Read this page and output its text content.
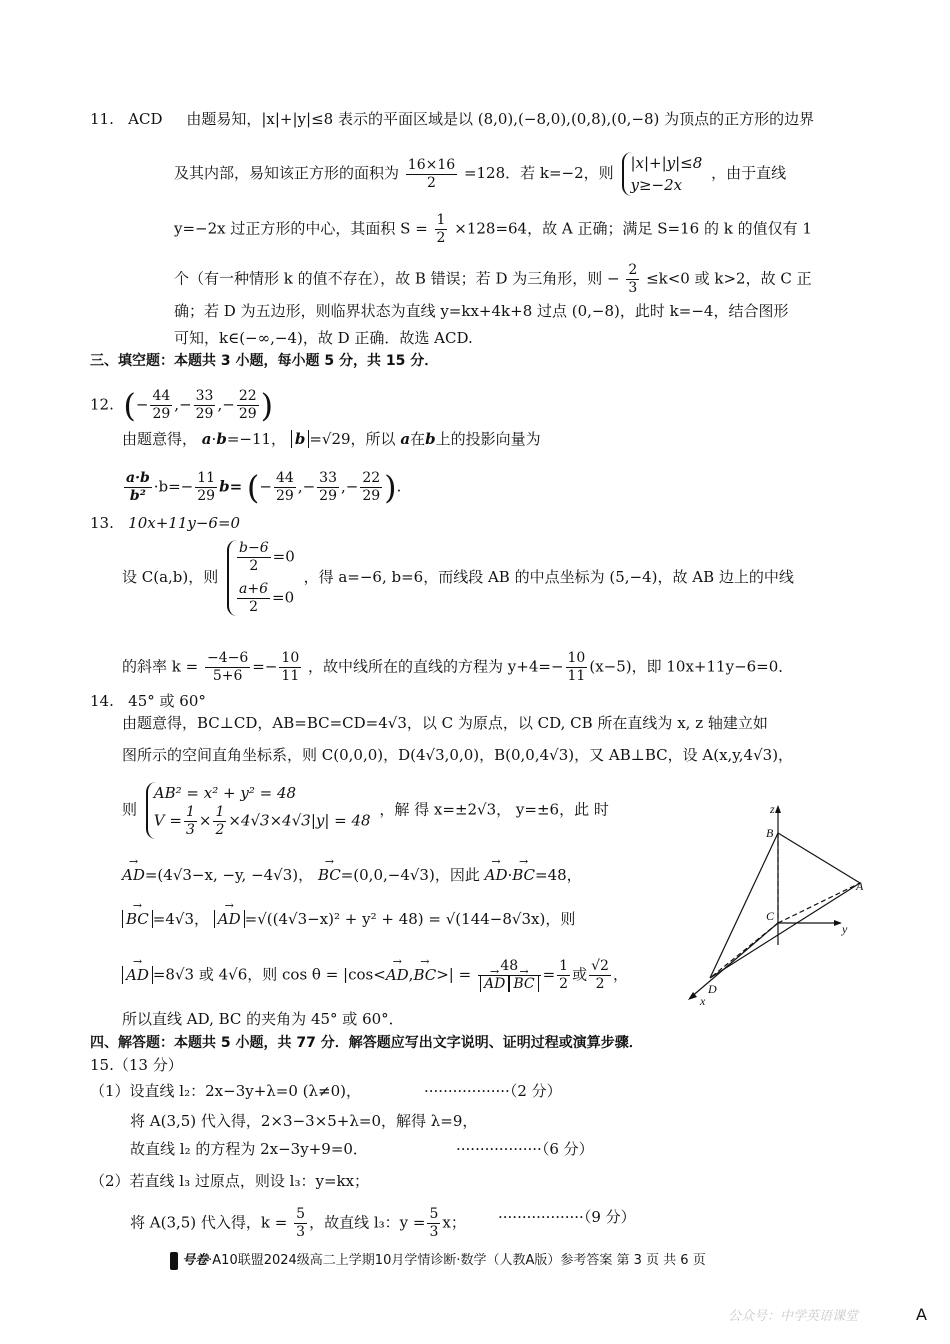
11. ACD 由题易知，|x|+|y|≤8 表示的平面区域是以 (8,0),(−8,0),(0,8),(0,−8) 为顶点的正方形的边界
及其内部，易知该正方形的面积为 $\frac{16\times 16}{2} =128$．若 k=−2，则
|x|+|y|≤8
y≥−2x
，由于直线
y=−2x 过正方形的中心，其面积 $S = \frac{1}{2} \times 128=64$，故 A 正确；满足 S=16 的 k 的值仅有 1
个（有一种情形 k 的值不存在），故 B 错误；若 D 为三角形，则 − $\frac{2}{3} \le k<0$ 或 k>2，故 C 正
确；若 D 为五边形，则临界状态为直线 y=kx+4k+8 过点 (0,−8)，此时 k=−4，结合图形
可知，k∈(−∞,−4)，故 D 正确．故选 ACD.
三、填空题：本题共 3 小题，每小题 5 分，共 15 分．
12. (− $\frac{44}{29}$ ,− $\frac{33}{29}$ ,− $\frac{22}{29}$ )
由题意得， a·b=−11， b =√29，所以 a在b上的投影向量为
$\frac{a\cdot b}{\text{b²}} \cdot b=- \frac{11}{29} b=$ (− $\frac{44}{29}$ ,− $\frac{33}{29}$ ,− $\frac{22}{29}$ ).
13. 10x+11y−6=0
设 C(a,b)，则
$\frac{b-6}{2} =0$
$\frac{a+6}{2} =0$
，得 a=−6, b=6，而线段 AB 的中点坐标为 (5,−4)，故 AB 边上的中线
的斜率 $k = \frac{-4-6}{5+6} =- \frac{10}{11}$ ，故中线所在的直线的方程为 $y+4=- \frac{10}{11} (x-5)$，即 10x+11y−6=0．
14. 45° 或 60°
由题意得，BC⊥CD，AB=BC=CD=4√3，以 C 为原点，以 CD, CB 所在直线为 x, z 轴建立如
图所示的空间直角坐标系，则 C(0,0,0)，D(4√3,0,0)，B(0,0,4√3)，又 AB⊥BC，设 A(x,y,4√3)，
则
AB² = x² + y² = 48
$V = \frac{1}{3} \times \frac{1}{2} \times 4√3\times 4√3|y| = 48$
，解 得 x=±2√3， y=±6，此 时
→ AD=(4√3−x, −y, −4√3)， → BC=(0,0,−4√3)，因此 → AD·→ BC=48，
→ BC =4√3， → AD =√((4√3−x)² + y² + 48) = √(144−8√3x)，则
→ AD =8√3 或 4√6，则 cos θ = |cos<→ AD,→ BC>| = 48
→ AD → BC = $\frac{1}{2}$ 或 $\frac{√2}{2}$ ，
所以直线 AD, BC 的夹角为 45° 或 60°．
z
B
A
C
y
D
x
四、解答题：本题共 5 小题，共 77 分．解答题应写出文字说明、证明过程或演算步骤．
15.（13 分）
（1）设直线 l₂：2x−3y+λ=0 (λ≠0)，	··················（2 分）
将 A(3,5) 代入得，2×3−3×5+λ=0，解得 λ=9，
故直线 l₂ 的方程为 2x−3y+9=0．	··················（6 分）
（2）若直线 l₃ 过原点，则设 l₃：y=kx；
将 A(3,5) 代入得，$k = \frac{5}{3}$ ，故直线 l₃：$y = \frac{5}{3}$ x； ··················（9 分）
号卷·A10联盟2024级高二上学期10月学情诊断·数学（人教A版）参考答案 第 3 页 共 6 页
公众号：中学英语课堂	A
